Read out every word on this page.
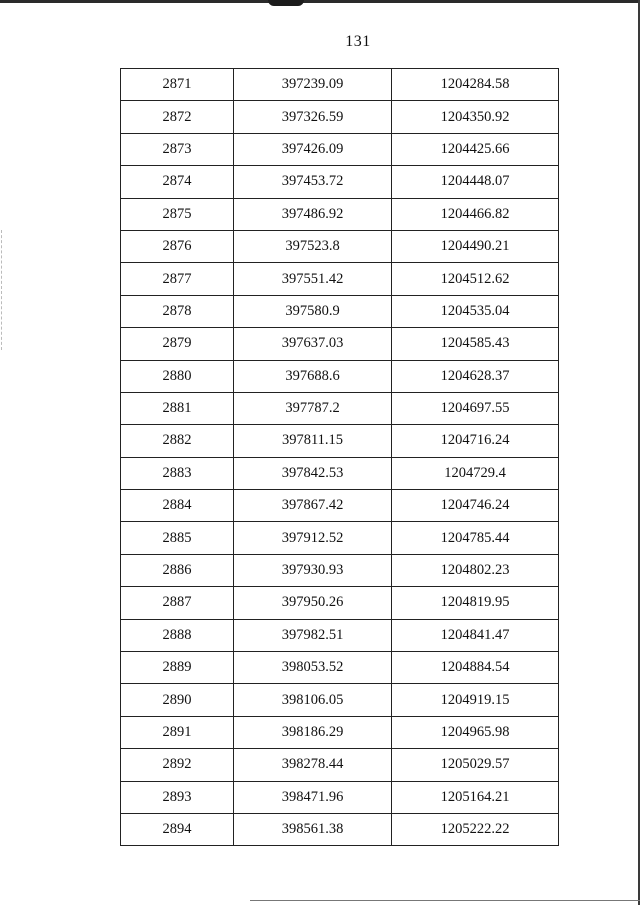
131
2871	397239.09	1204284.58
2872	397326.59	1204350.92
2873	397426.09	1204425.66
2874	397453.72	1204448.07
2875	397486.92	1204466.82
2876	397523.8	1204490.21
2877	397551.42	1204512.62
2878	397580.9	1204535.04
2879	397637.03	1204585.43
2880	397688.6	1204628.37
2881	397787.2	1204697.55
2882	397811.15	1204716.24
2883	397842.53	1204729.4
2884	397867.42	1204746.24
2885	397912.52	1204785.44
2886	397930.93	1204802.23
2887	397950.26	1204819.95
2888	397982.51	1204841.47
2889	398053.52	1204884.54
2890	398106.05	1204919.15
2891	398186.29	1204965.98
2892	398278.44	1205029.57
2893	398471.96	1205164.21
2894	398561.38	1205222.22
